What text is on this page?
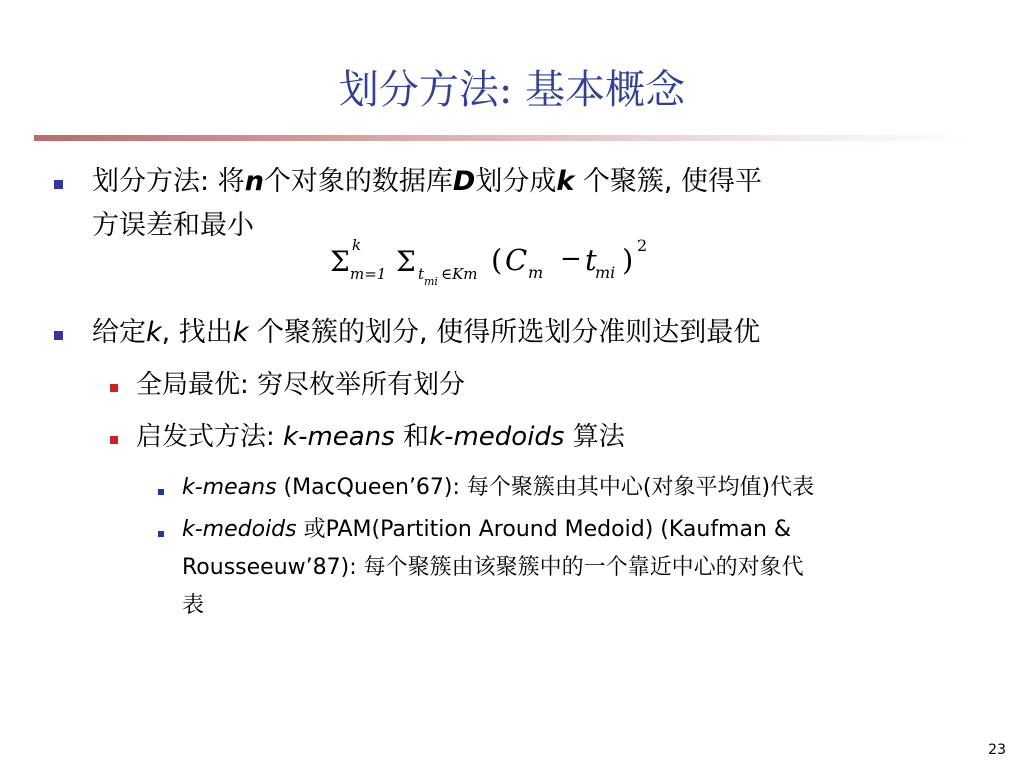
划分方法: 基本概念
划分方法: 将n个对象的数据库D划分成k 个聚簇, 使得平
方误差和最小
Σ k
m=1 Σ t mi ∈Km ( C m − t
mi ) 2
给定k, 找出k 个聚簇的划分, 使得所选划分准则达到最优
全局最优: 穷尽枚举所有划分
启发式方法: k-means 和k-medoids 算法
k-means (MacQueen’67): 每个聚簇由其中心(对象平均值)代表
k-medoids 或PAM(Partition Around Medoid) (Kaufman &
Rousseeuw’87): 每个聚簇由该聚簇中的一个靠近中心的对象代
表
23
